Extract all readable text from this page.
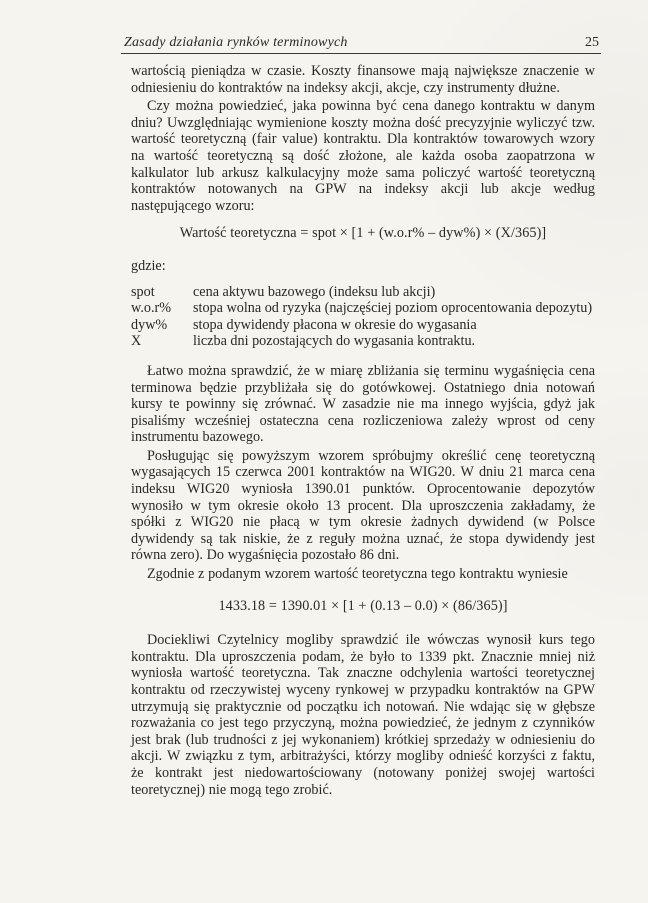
Zasady działania rynków terminowych	25

wartością pieniądza w czasie. Koszty finansowe mają największe znaczenie w odniesieniu do kontraktów na indeksy akcji, akcje, czy instrumenty dłużne.

Czy można powiedzieć, jaka powinna być cena danego kontraktu w danym dniu? Uwzględniając wymienione koszty można dość precyzyjnie wyliczyć tzw. wartość teoretyczną (fair value) kontraktu. Dla kontraktów towarowych wzory na wartość teoretyczną są dość złożone, ale każda osoba zaopatrzona w kalkulator lub arkusz kalkulacyjny może sama policzyć wartość teoretyczną kontraktów notowanych na GPW na indeksy akcji lub akcje według następującego wzoru:

Wartość teoretyczna = spot × [1 + (w.o.r% – dyw%) × (X/365)]
gdzie:
spot	cena aktywu bazowego (indeksu lub akcji)
w.o.r%	stopa wolna od ryzyka (najczęściej poziom oprocentowania depozytu)
dyw%	stopa dywidendy płacona w okresie do wygasania
X	liczba dni pozostających do wygasania kontraktu.

Łatwo można sprawdzić, że w miarę zbliżania się terminu wygaśnięcia cena terminowa będzie przybliżała się do gotówkowej. Ostatniego dnia notowań kursy te powinny się zrównać. W zasadzie nie ma innego wyjścia, gdyż jak pisaliśmy wcześniej ostateczna cena rozliczeniowa zależy wprost od ceny instrumentu bazowego.

Posługując się powyższym wzorem spróbujmy określić cenę teoretyczną wygasających 15 czerwca 2001 kontraktów na WIG20. W dniu 21 marca cena indeksu WIG20 wyniosła 1390.01 punktów. Oprocentowanie depozytów wynosiło w tym okresie około 13 procent. Dla uproszczenia zakładamy, że spółki z WIG20 nie płacą w tym okresie żadnych dywidend (w Polsce dywidendy są tak niskie, że z reguły można uznać, że stopa dywidendy jest równa zero). Do wygaśnięcia pozostało 86 dni.

Zgodnie z podanym wzorem wartość teoretyczna tego kontraktu wyniesie

1433.18 = 1390.01 × [1 + (0.13 – 0.0) × (86/365)]

Dociekliwi Czytelnicy mogliby sprawdzić ile wówczas wynosił kurs tego kontraktu. Dla uproszczenia podam, że było to 1339 pkt. Znacznie mniej niż wyniosła wartość teoretyczna. Tak znaczne odchylenia wartości teoretycznej kontraktu od rzeczywistej wyceny rynkowej w przypadku kontraktów na GPW utrzymują się praktycznie od początku ich notowań. Nie wdając się w głębsze rozważania co jest tego przyczyną, można powiedzieć, że jednym z czynników jest brak (lub trudności z jej wykonaniem) krótkiej sprzedaży w odniesieniu do akcji. W związku z tym, arbitrażyści, którzy mogliby odnieść korzyści z faktu, że kontrakt jest niedowartościowany (notowany poniżej swojej wartości teoretycznej) nie mogą tego zrobić.
